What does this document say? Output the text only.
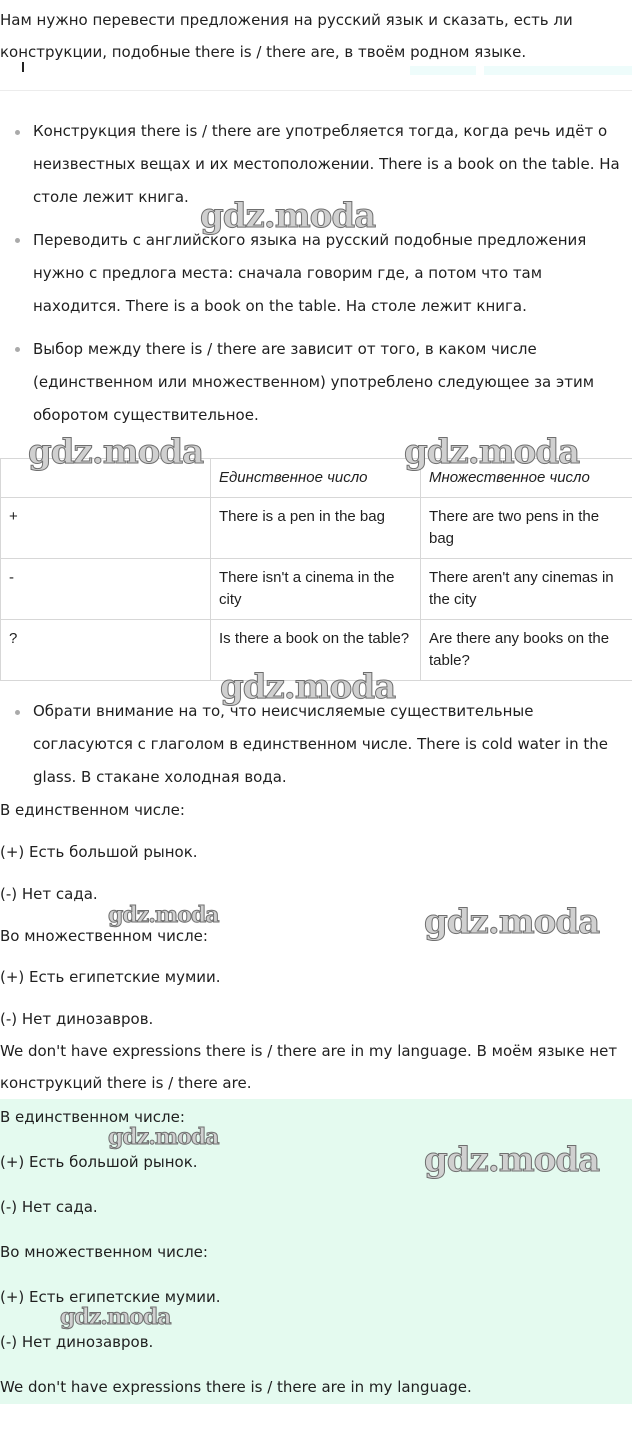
Нам нужно перевести предложения на русский язык и сказать, есть ли конструкции, подобные there is / there are, в твоём родном языке.

Конструкция there is / there are употребляется тогда, когда речь идёт о неизвестных вещах и их местоположении. There is a book on the table. На столе лежит книга.

Переводить с английского языка на русский подобные предложения нужно с предлога места: сначала говорим где, а потом что там находится. There is a book on the table. На столе лежит книга.

Выбор между there is / there are зависит от того, в каком числе (единственном или множественном) употреблено следующее за этим оборотом существительное.

	Единственное число	Множественное число
+	There is a pen in the bag	There are two pens in the bag
-	There isn't a cinema in the city	There aren't any cinemas in the city
?	Is there a book on the table?	Are there any books on the table?

Обрати внимание на то, что неисчисляемые существительные согласуются с глаголом в единственном числе. There is cold water in the glass. В стакане холодная вода.

В единственном числе:

(+) Есть большой рынок.

(-) Нет сада.

Во множественном числе:

(+) Есть египетские мумии.

(-) Нет динозавров.

We don't have expressions there is / there are in my language. В моём языке нет конструкций there is / there are.

В единственном числе:

(+) Есть большой рынок.

(-) Нет сада.

Во множественном числе:

(+) Есть египетские мумии.

(-) Нет динозавров.

We don't have expressions there is / there are in my language.

gdz.moda
gdz.moda	gdz.moda
gdz.moda
gdz.moda	gdz.moda
gdz.moda
gdz.moda
gdz.moda
